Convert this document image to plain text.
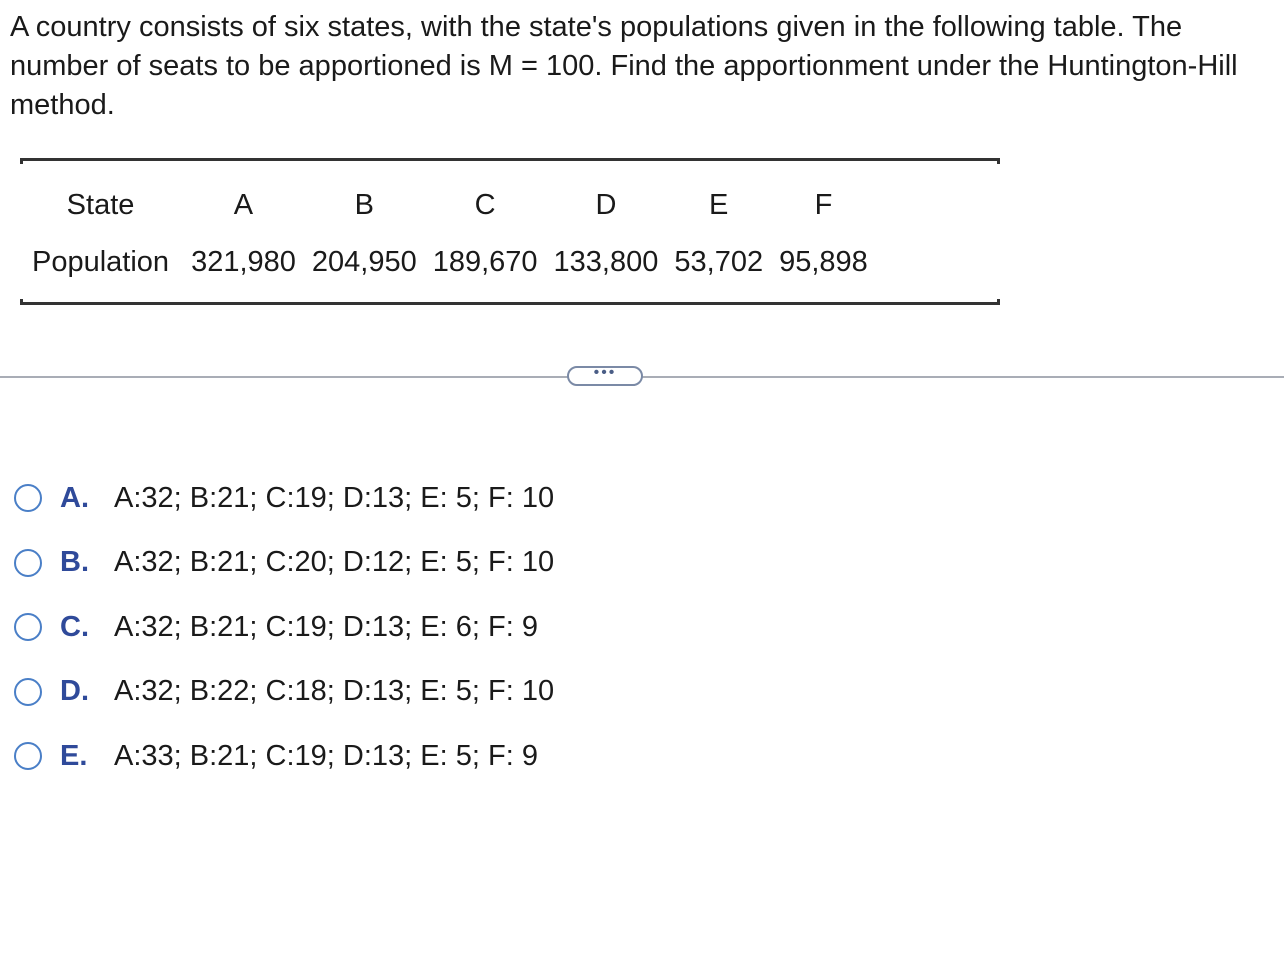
A country consists of six states, with the state's populations given in the following table. The number of seats to be apportioned is M = 100. Find the apportionment under the Huntington-Hill method.

State	A	B	C	D	E	F
Population	321,980	204,950	189,670	133,800	53,702	95,898
•••
A. A:32; B:21; C:19; D:13; E: 5; F: 10
B. A:32; B:21; C:20; D:12; E: 5; F: 10
C. A:32; B:21; C:19; D:13; E: 6; F: 9
D. A:32; B:22; C:18; D:13; E: 5; F: 10
E. A:33; B:21; C:19; D:13; E: 5; F: 9
